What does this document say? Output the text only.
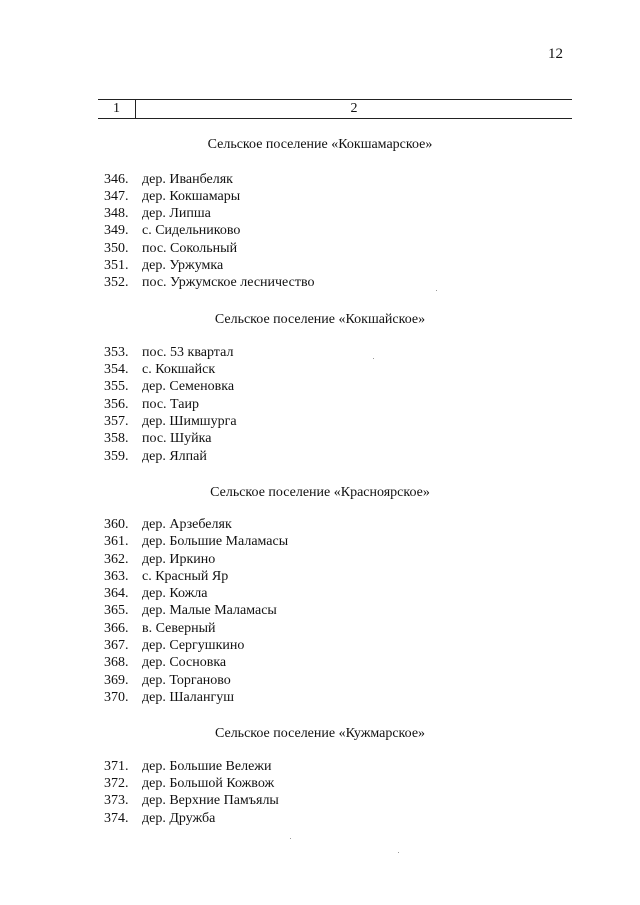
12
1	2
Сельское поселение «Кокшамарское»
346. дер. Иванбеляк
347. дер. Кокшамары
348. дер. Липша
349. с. Сидельниково
350. пос. Сокольный
351. дер. Уржумка
352. пос. Уржумское лесничество
Сельское поселение «Кокшайское»
353. пос. 53 квартал
354. с. Кокшайск
355. дер. Семеновка
356. пос. Таир
357. дер. Шимшурга
358. пос. Шуйка
359. дер. Ялпай
Сельское поселение «Красноярское»
360. дер. Арзебеляк
361. дер. Большие Маламасы
362. дер. Иркино
363. с. Красный Яр
364. дер. Кожла
365. дер. Малые Маламасы
366. в. Северный
367. дер. Сергушкино
368. дер. Сосновка
369. дер. Торганово
370. дер. Шалангуш
Сельское поселение «Кужмарское»
371. дер. Большие Вележи
372. дер. Большой Кожвож
373. дер. Верхние Памъялы
374. дер. Дружба
